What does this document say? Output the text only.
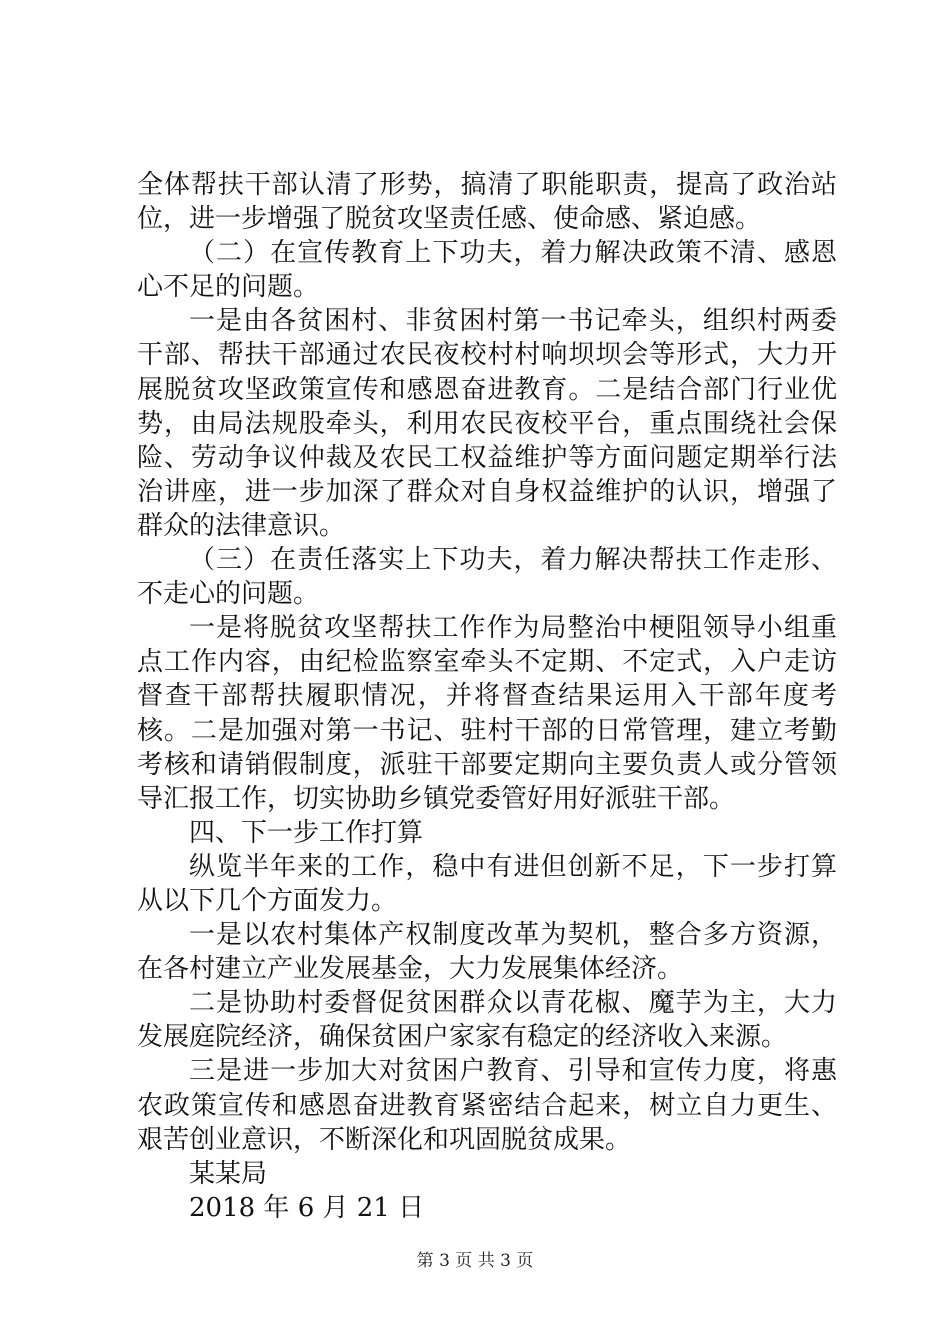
全体帮扶干部认清了形势，搞清了职能职责，提高了政治站位，进一步增强了脱贫攻坚责任感、使命感、紧迫感。

（二）在宣传教育上下功夫，着力解决政策不清、感恩心不足的问题。

一是由各贫困村、非贫困村第一书记牵头，组织村两委干部、帮扶干部通过农民夜校村村响坝坝会等形式，大力开展脱贫攻坚政策宣传和感恩奋进教育。二是结合部门行业优势，由局法规股牵头，利用农民夜校平台，重点围绕社会保险、劳动争议仲裁及农民工权益维护等方面问题定期举行法治讲座，进一步加深了群众对自身权益维护的认识，增强了群众的法律意识。

（三）在责任落实上下功夫，着力解决帮扶工作走形、不走心的问题。

一是将脱贫攻坚帮扶工作作为局整治中梗阻领导小组重点工作内容，由纪检监察室牵头不定期、不定式，入户走访督查干部帮扶履职情况，并将督查结果运用入干部年度考核。二是加强对第一书记、驻村干部的日常管理，建立考勤考核和请销假制度，派驻干部要定期向主要负责人或分管领导汇报工作，切实协助乡镇党委管好用好派驻干部。

四、下一步工作打算

纵览半年来的工作，稳中有进但创新不足，下一步打算从以下几个方面发力。

一是以农村集体产权制度改革为契机，整合多方资源，在各村建立产业发展基金，大力发展集体经济。

二是协助村委督促贫困群众以青花椒、魔芋为主，大力发展庭院经济，确保贫困户家家有稳定的经济收入来源。

三是进一步加大对贫困户教育、引导和宣传力度，将惠农政策宣传和感恩奋进教育紧密结合起来，树立自力更生、艰苦创业意识，不断深化和巩固脱贫成果。

某某局

2018 年 6 月 21 日

第 3 页 共 3 页
